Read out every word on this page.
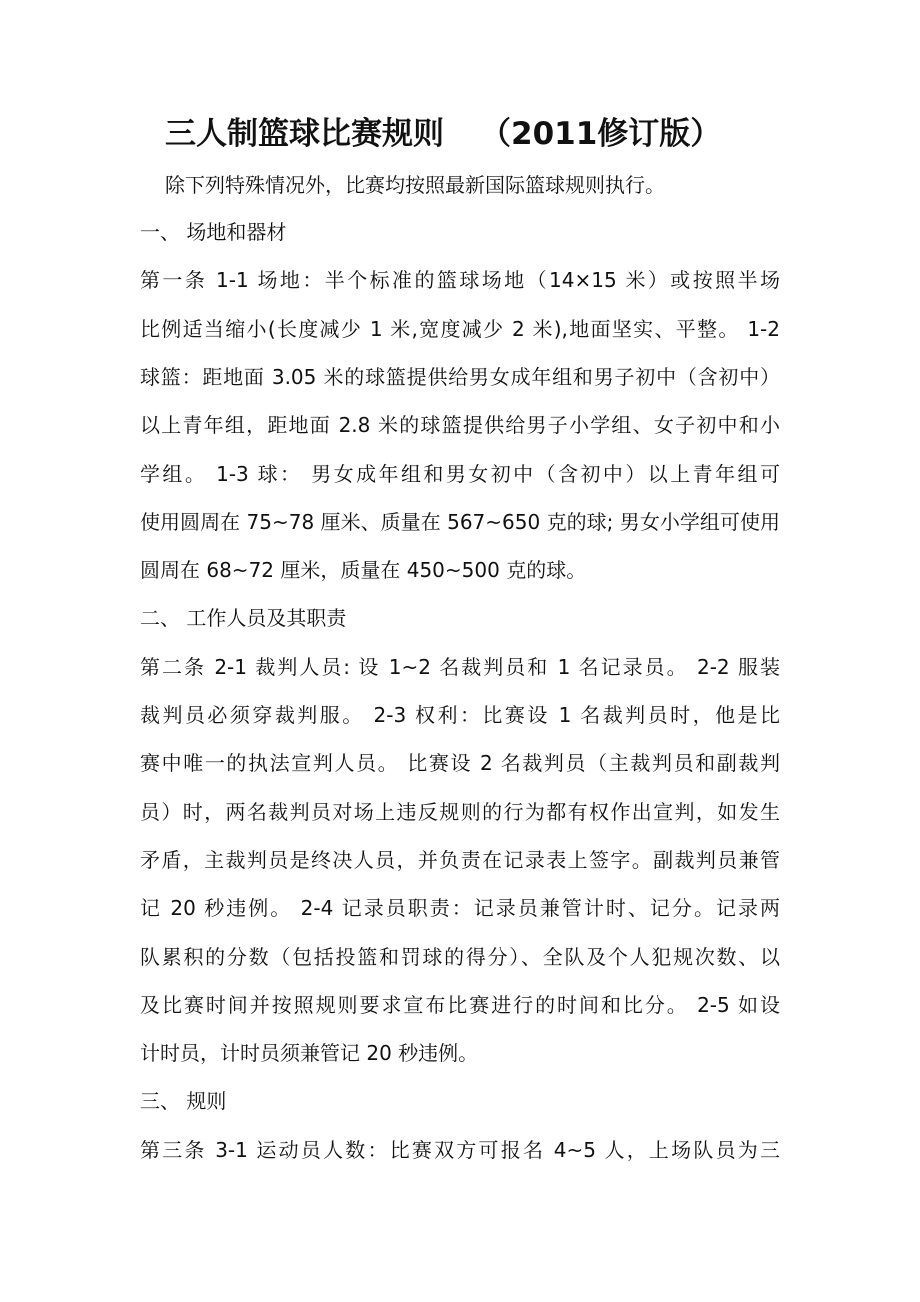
三人制篮球比赛规则 （2011修订版）
除下列特殊情况外，比赛均按照最新国际篮球规则执行。
一、 场地和器材
第一条 1-1 场地：半个标准的篮球场地（14×15 米）或按照半场
比例适当缩小(长度减少 1 米,宽度减少 2 米),地面坚实、平整。 1-2
球篮：距地面 3.05 米的球篮提供给男女成年组和男子初中（含初中）
以上青年组，距地面 2.8 米的球篮提供给男子小学组、女子初中和小
学组。 1-3 球： 男女成年组和男女初中（含初中）以上青年组可
使用圆周在 75~78 厘米、质量在 567~650 克的球; 男女小学组可使用
圆周在 68~72 厘米，质量在 450~500 克的球。
二、 工作人员及其职责
第二条 2-1 裁判人员: 设 1~2 名裁判员和 1 名记录员。 2-2 服装
裁判员必须穿裁判服。 2-3 权利：比赛设 1 名裁判员时，他是比
赛中唯一的执法宣判人员。 比赛设 2 名裁判员（主裁判员和副裁判
员）时，两名裁判员对场上违反规则的行为都有权作出宣判，如发生
矛盾，主裁判员是终决人员，并负责在记录表上签字。副裁判员兼管
记 20 秒违例。 2-4 记录员职责：记录员兼管计时、记分。记录两
队累积的分数（包括投篮和罚球的得分）、全队及个人犯规次数、以
及比赛时间并按照规则要求宣布比赛进行的时间和比分。 2-5 如设
计时员，计时员须兼管记 20 秒违例。
三、 规则
第三条 3-1 运动员人数：比赛双方可报名 4~5 人，上场队员为三
